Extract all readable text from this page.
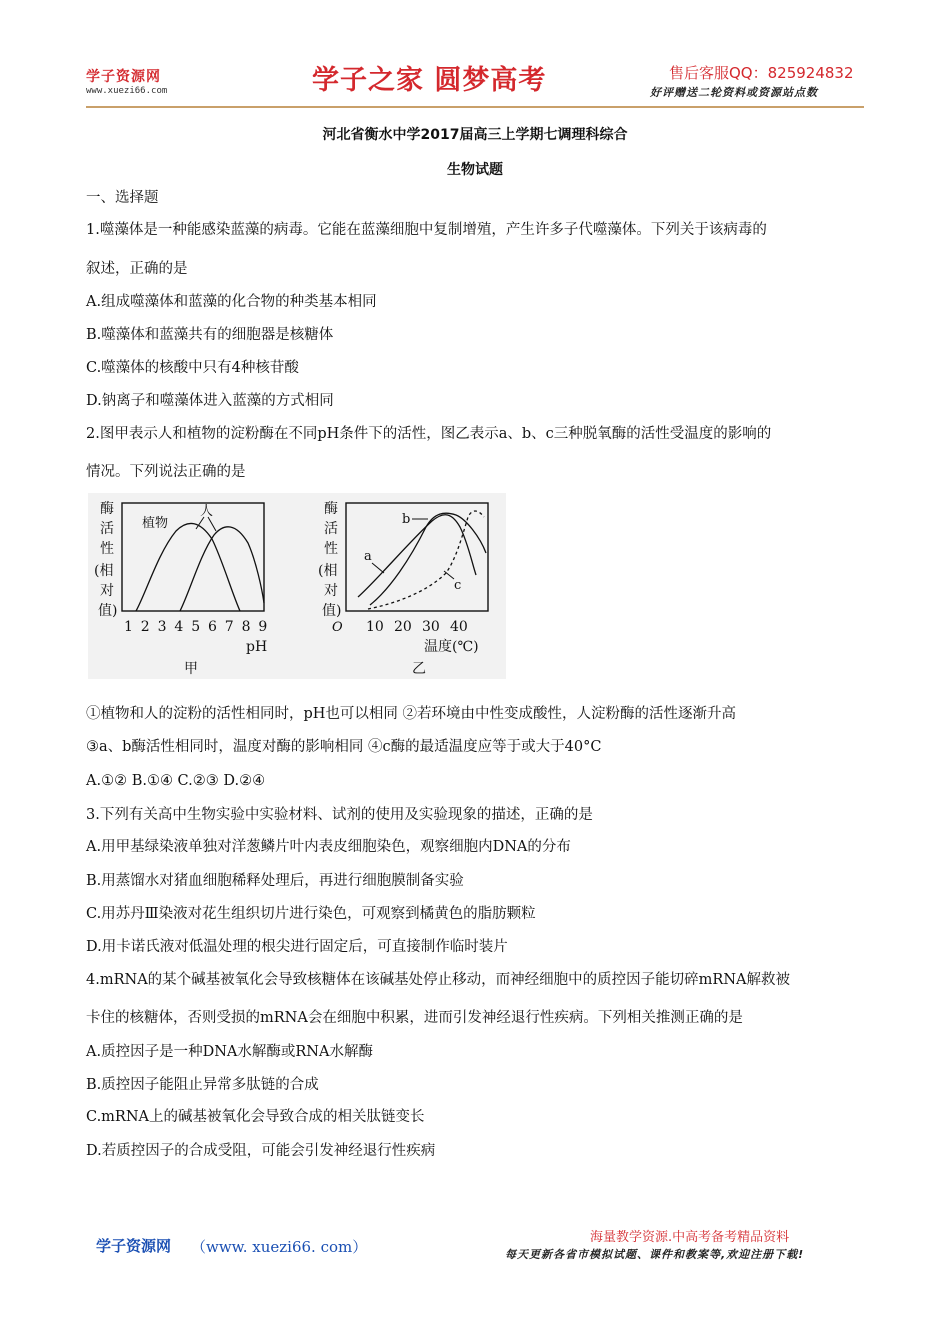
学子资源网
www.xuezi66.com	学子之家 圆梦高考	售后客服QQ：825924832
好评赠送二轮资料或资源站点数
河北省衡水中学2017届高三上学期七调理科综合
生物试题
一、选择题
1.噬藻体是一种能感染蓝藻的病毒。它能在蓝藻细胞中复制增殖，产生许多子代噬藻体。下列关于该病毒的
叙述，正确的是
A.组成噬藻体和蓝藻的化合物的种类基本相同
B.噬藻体和蓝藻共有的细胞器是核糖体
C.噬藻体的核酸中只有4种核苷酸
D.钠离子和噬藻体进入蓝藻的方式相同
2.图甲表示人和植物的淀粉酶在不同pH条件下的活性，图乙表示a、b、c三种脱氧酶的活性受温度的影响的
情况。下列说法正确的是
酶
活
性
(相
对
值)
植物
人
1 2 3 4 5 6 7 8 9
pH
甲
酶
活
性
(相
对
值)
a
b
c
O 10 20 30 40
温度(℃)
乙
①植物和人的淀粉的活性相同时，pH也可以相同 ②若环境由中性变成酸性，人淀粉酶的活性逐渐升高
③a、b酶活性相同时，温度对酶的影响相同 ④c酶的最适温度应等于或大于40°C
A.①② B.①④ C.②③ D.②④
3.下列有关高中生物实验中实验材料、试剂的使用及实验现象的描述，正确的是
A.用甲基绿染液单独对洋葱鳞片叶内表皮细胞染色，观察细胞内DNA的分布
B.用蒸馏水对猪血细胞稀释处理后，再进行细胞膜制备实验
C.用苏丹Ⅲ染液对花生组织切片进行染色，可观察到橘黄色的脂肪颗粒
D.用卡诺氏液对低温处理的根尖进行固定后，可直接制作临时装片
4.mRNA的某个碱基被氧化会导致核糖体在该碱基处停止移动，而神经细胞中的质控因子能切碎mRNA解救被
卡住的核糖体，否则受损的mRNA会在细胞中积累，进而引发神经退行性疾病。下列相关推测正确的是
A.质控因子是一种DNA水解酶或RNA水解酶
B.质控因子能阻止异常多肽链的合成
C.mRNA上的碱基被氧化会导致合成的相关肽链变长
D.若质控因子的合成受阻，可能会引发神经退行性疾病
学子资源网 （www. xuezi66. com）
海量教学资源.中高考备考精品资料
每天更新各省市模拟试题、课件和教案等,欢迎注册下载!
